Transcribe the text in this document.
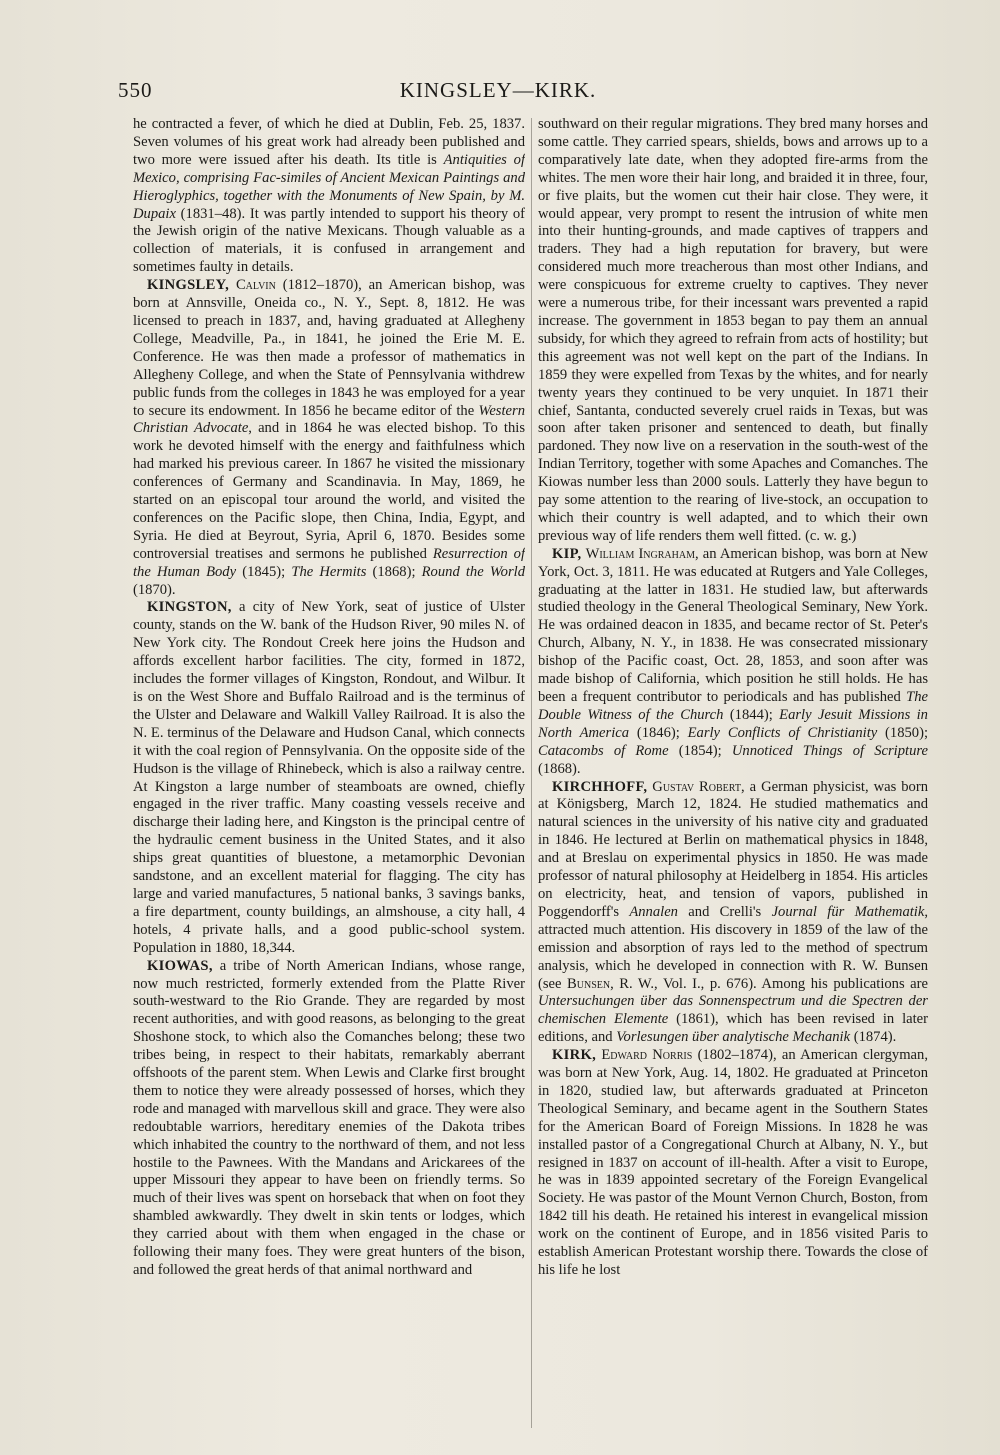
550	KINGSLEY—KIRK.

he contracted a fever, of which he died at Dublin, Feb. 25, 1837. Seven volumes of his great work had already been published and two more were issued after his death. Its title is Antiquities of Mexico, comprising Fac-similes of Ancient Mexican Paintings and Hieroglyphics, together with the Monuments of New Spain, by M. Dupaix (1831–48). It was partly intended to support his theory of the Jewish origin of the native Mexicans. Though valuable as a collection of materials, it is confused in arrangement and sometimes faulty in details.

KINGSLEY, Calvin (1812–1870), an American bishop, was born at Annsville, Oneida co., N. Y., Sept. 8, 1812. He was licensed to preach in 1837, and, having graduated at Allegheny College, Meadville, Pa., in 1841, he joined the Erie M. E. Conference. He was then made a professor of mathematics in Allegheny College, and when the State of Pennsylvania withdrew public funds from the colleges in 1843 he was employed for a year to secure its endowment. In 1856 he became editor of the Western Christian Advocate, and in 1864 he was elected bishop. To this work he devoted himself with the energy and faithfulness which had marked his previous career. In 1867 he visited the missionary conferences of Germany and Scandinavia. In May, 1869, he started on an episcopal tour around the world, and visited the conferences on the Pacific slope, then China, India, Egypt, and Syria. He died at Beyrout, Syria, April 6, 1870. Besides some controversial treatises and sermons he published Resurrection of the Human Body (1845); The Hermits (1868); Round the World (1870).

KINGSTON, a city of New York, seat of justice of Ulster county, stands on the W. bank of the Hudson River, 90 miles N. of New York city. The Rondout Creek here joins the Hudson and affords excellent harbor facilities. The city, formed in 1872, includes the former villages of Kingston, Rondout, and Wilbur. It is on the West Shore and Buffalo Railroad and is the terminus of the Ulster and Delaware and Walkill Valley Railroad. It is also the N. E. terminus of the Delaware and Hudson Canal, which connects it with the coal region of Pennsylvania. On the opposite side of the Hudson is the village of Rhinebeck, which is also a railway centre. At Kingston a large number of steamboats are owned, chiefly engaged in the river traffic. Many coasting vessels receive and discharge their lading here, and Kingston is the principal centre of the hydraulic cement business in the United States, and it also ships great quantities of bluestone, a metamorphic Devonian sandstone, and an excellent material for flagging. The city has large and varied manufactures, 5 national banks, 3 savings banks, a fire department, county buildings, an almshouse, a city hall, 4 hotels, 4 private halls, and a good public-school system. Population in 1880, 18,344.

KIOWAS, a tribe of North American Indians, whose range, now much restricted, formerly extended from the Platte River south-westward to the Rio Grande. They are regarded by most recent authorities, and with good reasons, as belonging to the great Shoshone stock, to which also the Comanches belong; these two tribes being, in respect to their habitats, remarkably aberrant offshoots of the parent stem. When Lewis and Clarke first brought them to notice they were already possessed of horses, which they rode and managed with marvellous skill and grace. They were also redoubtable warriors, hereditary enemies of the Dakota tribes which inhabited the country to the northward of them, and not less hostile to the Pawnees. With the Mandans and Arickarees of the upper Missouri they appear to have been on friendly terms. So much of their lives was spent on horseback that when on foot they shambled awkwardly. They dwelt in skin tents or lodges, which they carried about with them when engaged in the chase or following their many foes. They were great hunters of the bison, and followed the great herds of that animal northward and

southward on their regular migrations. They bred many horses and some cattle. They carried spears, shields, bows and arrows up to a comparatively late date, when they adopted fire-arms from the whites. The men wore their hair long, and braided it in three, four, or five plaits, but the women cut their hair close. They were, it would appear, very prompt to resent the intrusion of white men into their hunting-grounds, and made captives of trappers and traders. They had a high reputation for bravery, but were considered much more treacherous than most other Indians, and were conspicuous for extreme cruelty to captives. They never were a numerous tribe, for their incessant wars prevented a rapid increase. The government in 1853 began to pay them an annual subsidy, for which they agreed to refrain from acts of hostility; but this agreement was not well kept on the part of the Indians. In 1859 they were expelled from Texas by the whites, and for nearly twenty years they continued to be very unquiet. In 1871 their chief, Santanta, conducted severely cruel raids in Texas, but was soon after taken prisoner and sentenced to death, but finally pardoned. They now live on a reservation in the south-west of the Indian Territory, together with some Apaches and Comanches. The Kiowas number less than 2000 souls. Latterly they have begun to pay some attention to the rearing of live-stock, an occupation to which their country is well adapted, and to which their own previous way of life renders them well fitted. (c. w. g.)

KIP, William Ingraham, an American bishop, was born at New York, Oct. 3, 1811. He was educated at Rutgers and Yale Colleges, graduating at the latter in 1831. He studied law, but afterwards studied theology in the General Theological Seminary, New York. He was ordained deacon in 1835, and became rector of St. Peter's Church, Albany, N. Y., in 1838. He was consecrated missionary bishop of the Pacific coast, Oct. 28, 1853, and soon after was made bishop of California, which position he still holds. He has been a frequent contributor to periodicals and has published The Double Witness of the Church (1844); Early Jesuit Missions in North America (1846); Early Conflicts of Christianity (1850); Catacombs of Rome (1854); Unnoticed Things of Scripture (1868).

KIRCHHOFF, Gustav Robert, a German physicist, was born at Königsberg, March 12, 1824. He studied mathematics and natural sciences in the university of his native city and graduated in 1846. He lectured at Berlin on mathematical physics in 1848, and at Breslau on experimental physics in 1850. He was made professor of natural philosophy at Heidelberg in 1854. His articles on electricity, heat, and tension of vapors, published in Poggendorff's Annalen and Crelli's Journal für Mathematik, attracted much attention. His discovery in 1859 of the law of the emission and absorption of rays led to the method of spectrum analysis, which he developed in connection with R. W. Bunsen (see Bunsen, R. W., Vol. I., p. 676). Among his publications are Untersuchungen über das Sonnenspectrum und die Spectren der chemischen Elemente (1861), which has been revised in later editions, and Vorlesungen über analytische Mechanik (1874).

KIRK, Edward Norris (1802–1874), an American clergyman, was born at New York, Aug. 14, 1802. He graduated at Princeton in 1820, studied law, but afterwards graduated at Princeton Theological Seminary, and became agent in the Southern States for the American Board of Foreign Missions. In 1828 he was installed pastor of a Congregational Church at Albany, N. Y., but resigned in 1837 on account of ill-health. After a visit to Europe, he was in 1839 appointed secretary of the Foreign Evangelical Society. He was pastor of the Mount Vernon Church, Boston, from 1842 till his death. He retained his interest in evangelical mission work on the continent of Europe, and in 1856 visited Paris to establish American Protestant worship there. Towards the close of his life he lost
